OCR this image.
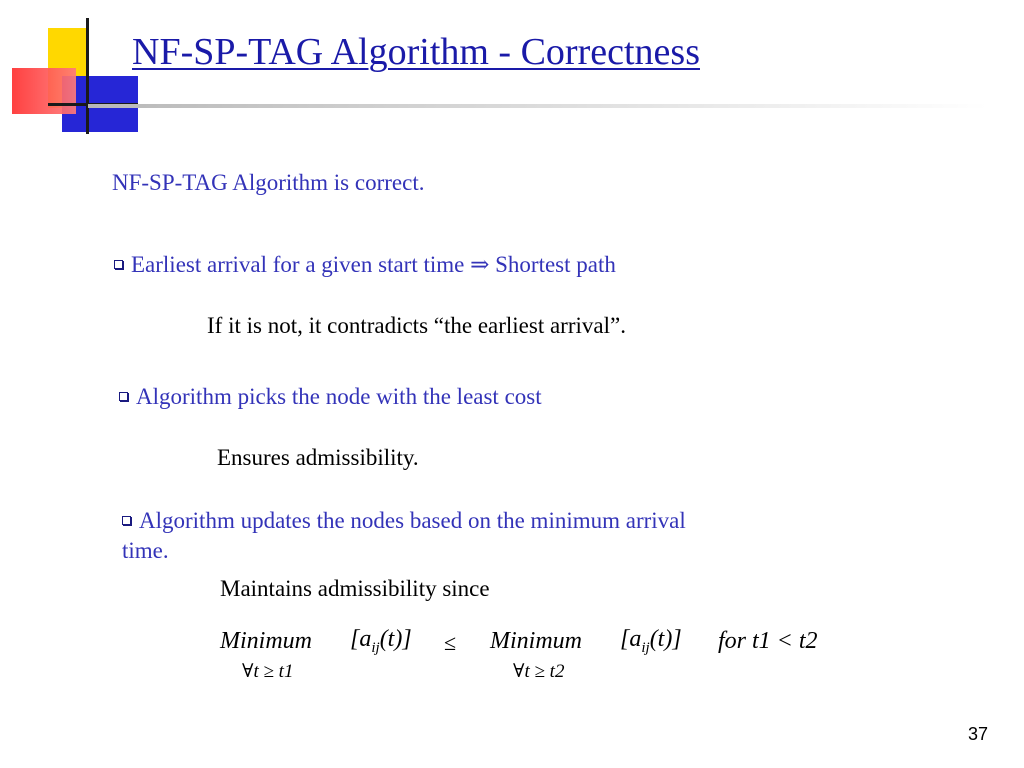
NF-SP-TAG Algorithm - Correctness
NF-SP-TAG Algorithm is correct.
Earliest arrival for a given start time ⇒ Shortest path
If it is not, it contradicts “the earliest arrival”.
Algorithm picks the node with the least cost
Ensures admissibility.
Algorithm updates the nodes based on the minimum arrival
time.
Maintains admissibility since
Minimum $[a_{ij}(t)]$ ≤ Minimum $[a_{ij}(t)]$ for t1 < t2
∀t ≥ t1	∀t ≥ t2
37
